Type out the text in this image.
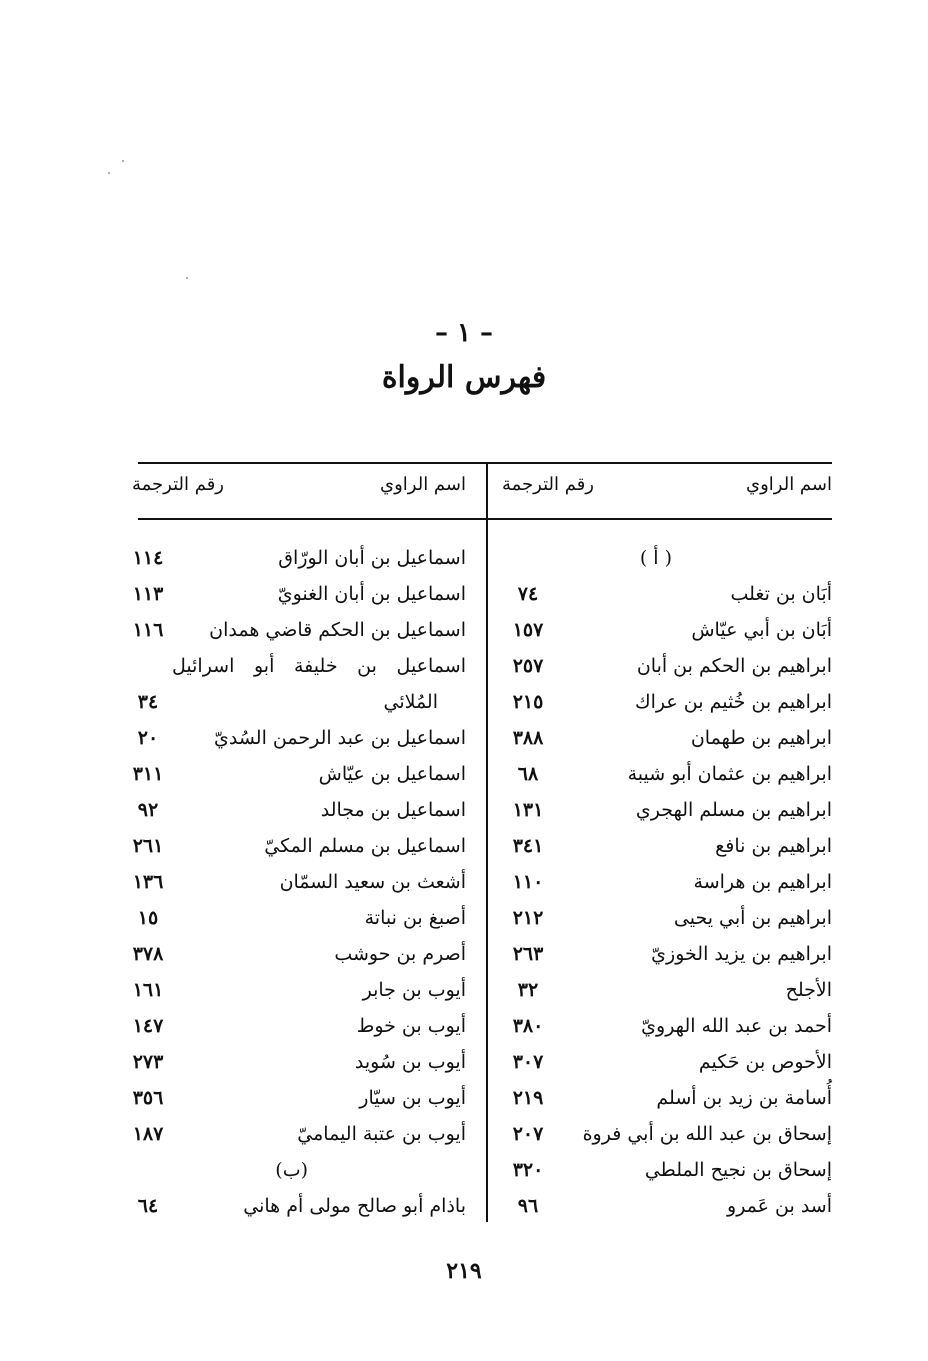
– ١ –
فهرس الرواة
اسم الراوي
رقم الترجمة
اسم الراوي
رقم الترجمة
( أ )
أبَان بن تغلب
٧٤
أبَان بن أبي عيّاش
١٥٧
ابراهيم بن الحكم بن أبان
٢٥٧
ابراهيم بن خُثيم بن عراك
٢١٥
ابراهيم بن طهمان
٣٨٨
ابراهيم بن عثمان أبو شيبة
٦٨
ابراهيم بن مسلم الهجري
١٣١
ابراهيم بن نافع
٣٤١
ابراهيم بن هراسة
١١٠
ابراهيم بن أبي يحيى
٢١٢
ابراهيم بن يزيد الخوزيّ
٢٦٣
الأجلح
٣٢
أحمد بن عبد الله الهرويّ
٣٨٠
الأحوص بن حَكيم
٣٠٧
أُسامة بن زيد بن أسلم
٢١٩
إسحاق بن عبد الله بن أبي فروة
٢٠٧
إسحاق بن نجيح الملطي
٣٢٠
أسد بن عَمرو
٩٦
اسماعيل بن أبان الورّاق
١١٤
اسماعيل بن أبان الغنويّ
١١٣
اسماعيل بن الحكم قاضي همدان
١١٦
اسماعيل بن خليفة أبو اسرائيل
المُلائي
٣٤
اسماعيل بن عبد الرحمن السُديّ
٢٠
اسماعيل بن عيّاش
٣١١
اسماعيل بن مجالد
٩٢
اسماعيل بن مسلم المكيّ
٢٦١
أشعث بن سعيد السمّان
١٣٦
أصبغ بن نباتة
١٥
أصرم بن حوشب
٣٧٨
أيوب بن جابر
١٦١
أيوب بن خوط
١٤٧
أيوب بن سُويد
٢٧٣
أيوب بن سيّار
٣٥٦
أيوب بن عتبة اليماميّ
١٨٧
(ب)
باذام أبو صالح مولى أم هاني
٦٤
٢١٩
